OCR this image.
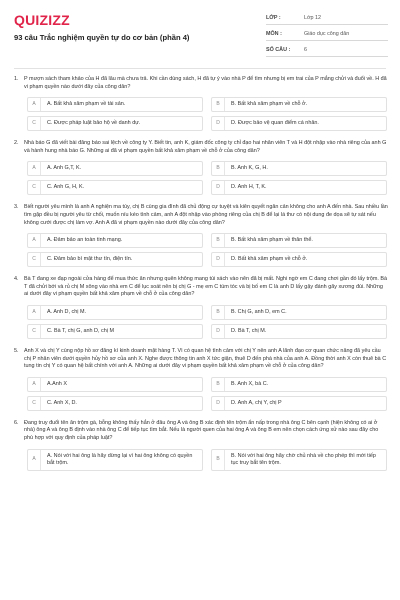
QUIZIZZ
93 câu Trắc nghiệm quyền tự do cơ bản (phần 4)
LỚP :	Lớp 12
MÔN :	Giáo dục công dân
SỐ CÂU :	6
1.	P mượn sách tham khảo của H đã lâu mà chưa trả. Khi cần dùng sách, H đã tự ý vào nhà P để tìm nhưng bị em trai của P mắng chửi và đuổi về. H đã vi phạm quyền nào dưới đây của công dân?
A	A. Bất khả xâm phạm về tài sản.	B	B. Bất khả xâm phạm về chỗ ở.
C	C. Được pháp luật bảo hộ về danh dự.	D	D. Được bảo vệ quan điểm cá nhân.
2.	Nhà báo G đã viết bài đăng báo sai lệch về công ty Y. Biết tin, anh K, giám đốc công ty chỉ đạo hai nhân viên T và H đột nhập vào nhà riêng của anh G và hành hung nhà báo G. Những ai đã vi phạm quyền bất khả xâm phạm về chỗ ở của công dân?
A	A. Anh G,T, K.	B	B. Anh K, G, H.
C	C. Anh G, H, K.	D	D. Anh H, T, K.
3.	Biết người yêu mình là anh A nghiện ma túy, chị B cùng gia đình đã chủ động cự tuyệt và kiên quyết ngăn cản không cho anh A đến nhà. Sau nhiều lần tìm gặp đều bị người yêu từ chối, muốn níu kéo tình cảm, anh A đột nhập vào phòng riêng của chị B để lại lá thư có nội dung đe dọa sẽ tự sát nếu không cưới được chị làm vợ. Anh A đã vi phạm quyền nào dưới đây của công dân?
A	A. Đảm bảo an toàn tinh mạng.	B	B. Bất khả xâm phạm về thân thể.
C	C. Đảm bảo bí mật thư tín, điện tín.	D	D. Bất khả xâm phạm về chỗ ở.
4.	Bà T đang xe đạp ngoài cửa hàng để mua thức ăn nhưng quên không mang túi xách vào nên đã bị mất. Nghi ngờ em C đang chơi gần đó lấy trộm. Bà T đã chửi bới và rủ chị M xông vào nhà em C để lục soát nên bị chị G - mẹ em C túm tóc và bị bố em C là anh D lấy gậy đánh gãy xương đùi. Những ai dưới đây vi phạm quyền bất khả xâm phạm về chỗ ở của công dân?
A	A. Anh D, chị M.	B	B. Chị G, anh D, em C.
C	C. Bà T, chị G, anh D, chị M	D	D. Bà T, chị M.
5.	Anh X và chị Y cùng nộp hồ sơ đăng kí kinh doanh mặt hàng T. Vì có quan hệ tình cảm với chị Y nên anh A lãnh đạo cơ quan chức năng đã yêu cầu chị P nhân viên dưới quyền hủy hồ sơ của anh X. Nghe được thông tin anh X tức giận, thuê D đến phá nhà của anh A. Đồng thời anh X còn thuê bà C tung tin chị Y có quan hệ bất chính với anh A. Những ai dưới đây vi phạm quyền bất khả xâm phạm về chỗ ở của công dân?
A	A.Anh X	B	B. Anh X, bà C.
C	C. Anh X, D.	D	D. Anh A, chị Y, chị P
6.	Đang truy đuổi tên ăn trộm gà, bỗng không thấy hắn ở đâu ông A và ông B xác định tên trộm ẩn nấp trong nhà ông C bên cạnh (hiện không có ai ở nhà) ông A và ông B định vào nhà ông C để tiếp tục tìm bắt. Nếu là người quen của hai ông A và ông B em nên chọn cách ứng xử nào sau đây cho phù hợp với quy định của pháp luật?
A
A. Nói với hai ông là hãy dừng lại vì hai ông không có quyền bắt trộm.
B
B. Nói với hai ông hãy chờ chủ nhà về cho phép thì mới tiếp tục truy bắt tên trộm.
